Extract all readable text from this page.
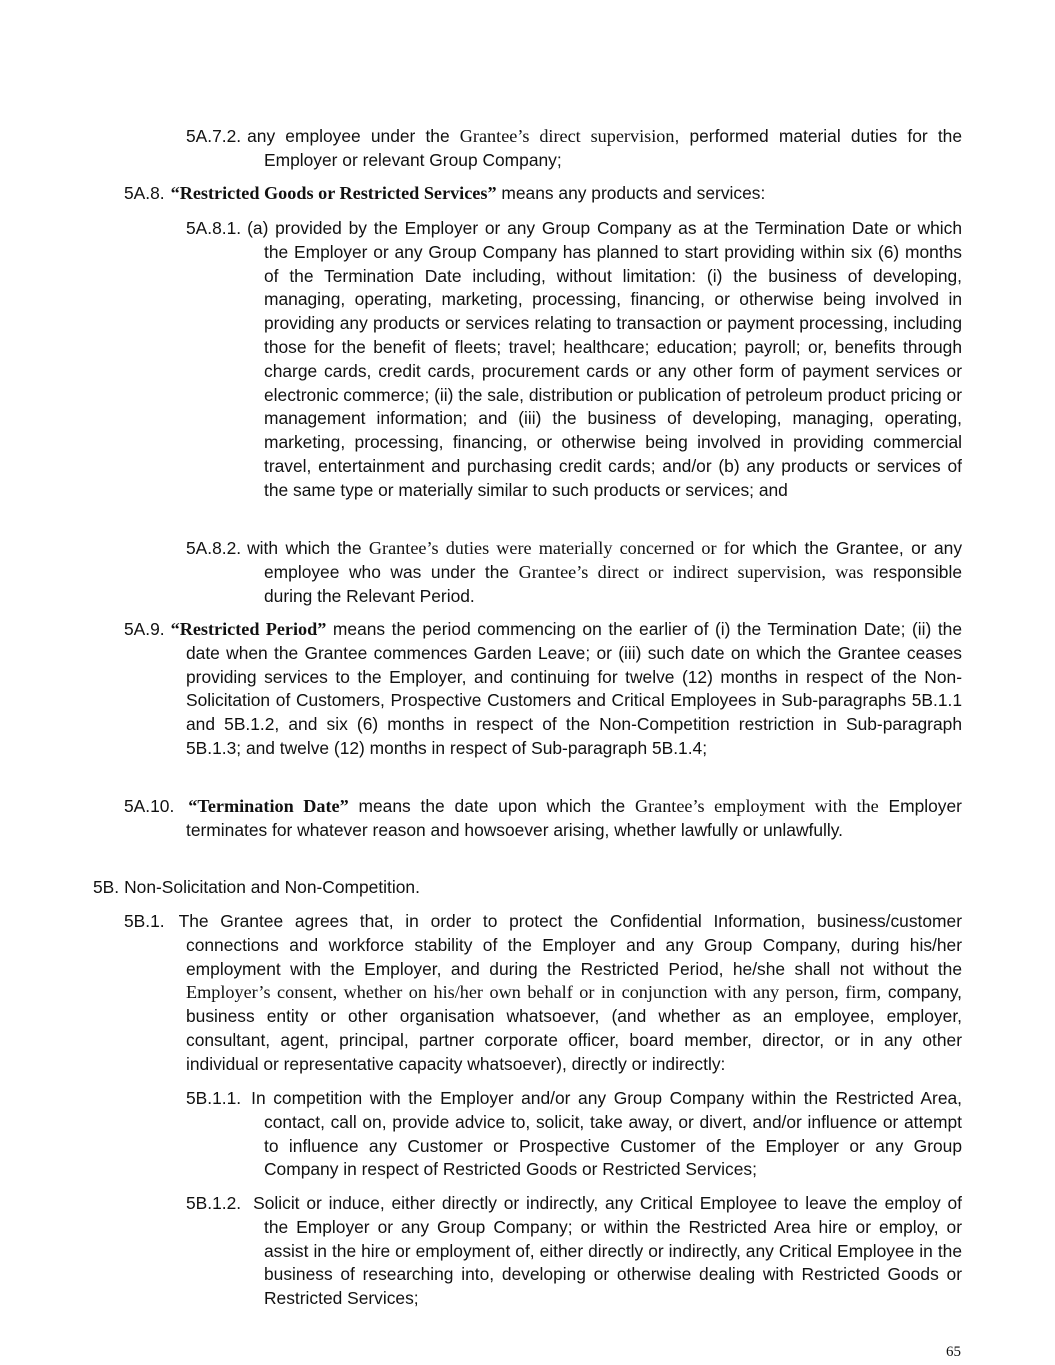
5A.7.2. any employee under the Grantee’s direct supervision, performed material duties for the Employer or relevant Group Company;

5A.8. “Restricted Goods or Restricted Services” means any products and services:

5A.8.1. (a) provided by the Employer or any Group Company as at the Termination Date or which the Employer or any Group Company has planned to start providing within six (6) months of the Termination Date including, without limitation: (i) the business of developing, managing, operating, marketing, processing, financing, or otherwise being involved in providing any products or services relating to transaction or payment processing, including those for the benefit of fleets; travel; healthcare; education; payroll; or, benefits through charge cards, credit cards, procurement cards or any other form of payment services or electronic commerce; (ii) the sale, distribution or publication of petroleum product pricing or management information; and (iii) the business of developing, managing, operating, marketing, processing, financing, or otherwise being involved in providing commercial travel, entertainment and purchasing credit cards; and/or (b) any products or services of the same type or materially similar to such products or services; and

5A.8.2. with which the Grantee’s duties were materially concerned or for which the Grantee, or any employee who was under the Grantee’s direct or indirect supervision, was responsible during the Relevant Period.

5A.9. “Restricted Period” means the period commencing on the earlier of (i) the Termination Date; (ii) the date when the Grantee commences Garden Leave; or (iii) such date on which the Grantee ceases providing services to the Employer, and continuing for twelve (12) months in respect of the Non-Solicitation of Customers, Prospective Customers and Critical Employees in Sub-paragraphs 5B.1.1 and 5B.1.2, and six (6) months in respect of the Non-Competition restriction in Sub-paragraph 5B.1.3; and twelve (12) months in respect of Sub-paragraph 5B.1.4;

5A.10. “Termination Date” means the date upon which the Grantee’s employment with the Employer terminates for whatever reason and howsoever arising, whether lawfully or unlawfully.

5B. Non-Solicitation and Non-Competition.

5B.1. The Grantee agrees that, in order to protect the Confidential Information, business/customer connections and workforce stability of the Employer and any Group Company, during his/her employment with the Employer, and during the Restricted Period, he/she shall not without the Employer’s consent, whether on his/her own behalf or in conjunction with any person, firm, company, business entity or other organisation whatsoever, (and whether as an employee, employer, consultant, agent, principal, partner corporate officer, board member, director, or in any other individual or representative capacity whatsoever), directly or indirectly:

5B.1.1. In competition with the Employer and/or any Group Company within the Restricted Area, contact, call on, provide advice to, solicit, take away, or divert, and/or influence or attempt to influence any Customer or Prospective Customer of the Employer or any Group Company in respect of Restricted Goods or Restricted Services;

5B.1.2. Solicit or induce, either directly or indirectly, any Critical Employee to leave the employ of the Employer or any Group Company; or within the Restricted Area hire or employ, or assist in the hire or employment of, either directly or indirectly, any Critical Employee in the business of researching into, developing or otherwise dealing with Restricted Goods or Restricted Services;

65
